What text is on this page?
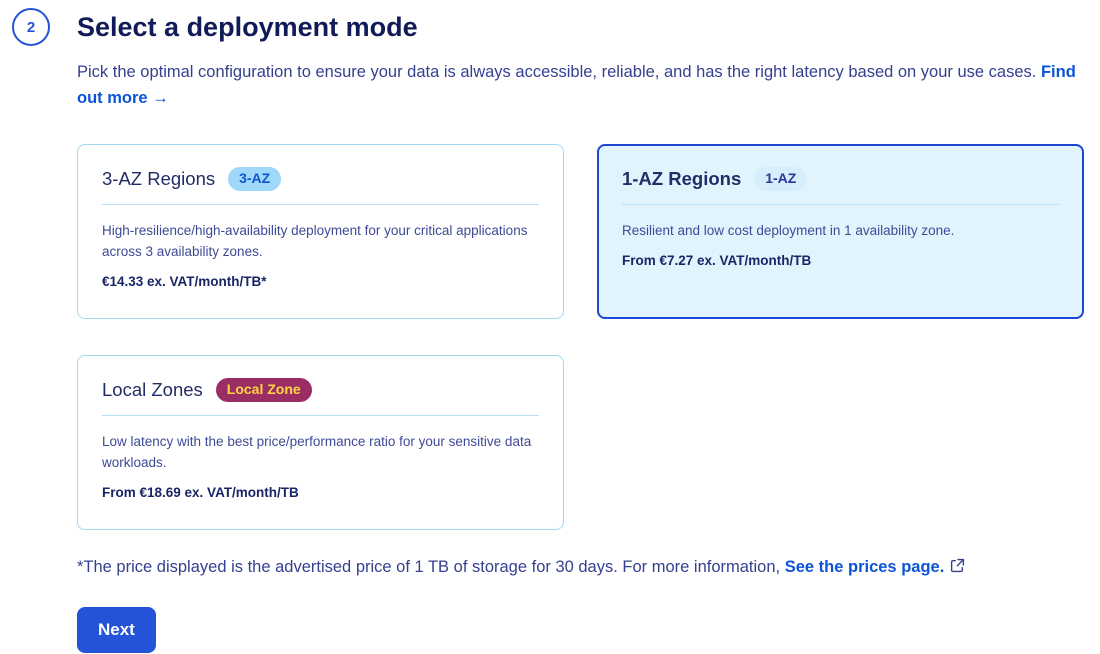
2 Select a deployment mode
Pick the optimal configuration to ensure your data is always accessible, reliable, and has the right latency based on your use cases. Find out more →
3-AZ Regions	3-AZ
High-resilience/high-availability deployment for your critical applications across 3 availability zones.
€14.33 ex. VAT/month/TB*
1-AZ Regions	1-AZ
Resilient and low cost deployment in 1 availability zone.
From €7.27 ex. VAT/month/TB
Local Zones	Local Zone
Low latency with the best price/performance ratio for your sensitive data workloads.
From €18.69 ex. VAT/month/TB
*The price displayed is the advertised price of 1 TB of storage for 30 days. For more information, See the prices page.
Next
